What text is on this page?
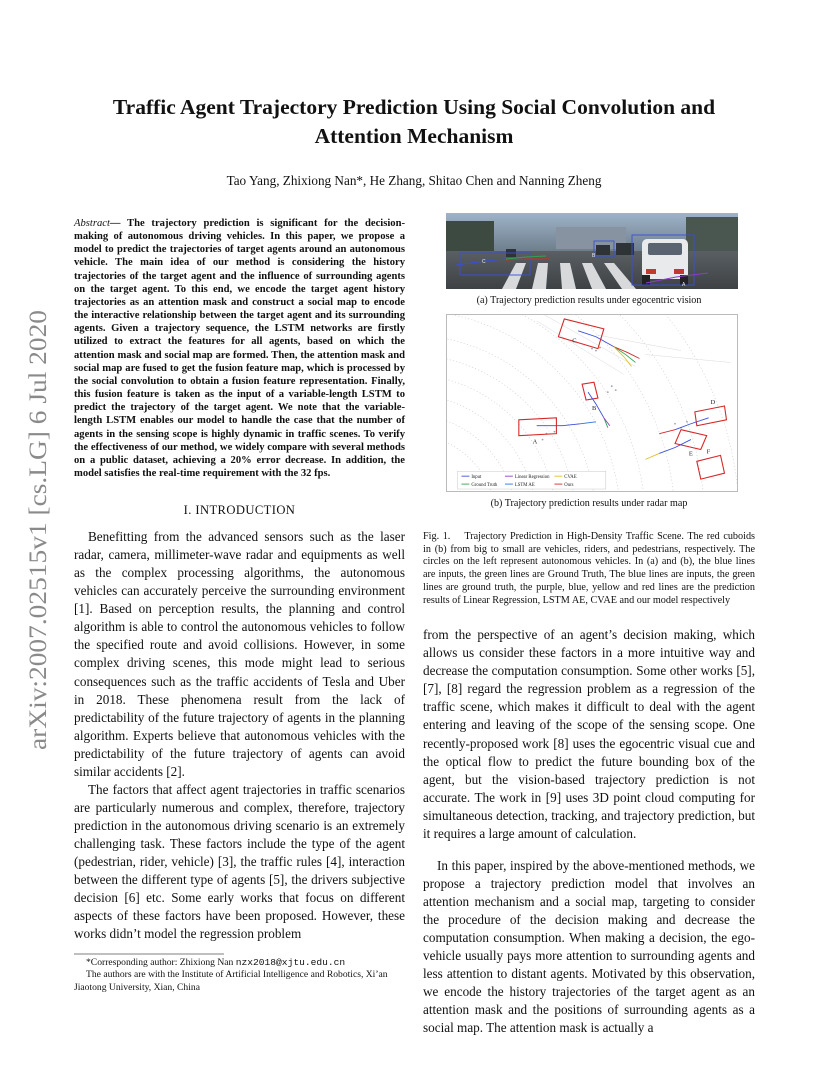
arXiv:2007.02515v1 [cs.LG] 6 Jul 2020
Traffic Agent Trajectory Prediction Using Social Convolution and Attention Mechanism
Tao Yang, Zhixiong Nan*, He Zhang, Shitao Chen and Nanning Zheng

Abstract— The trajectory prediction is significant for the decision-making of autonomous driving vehicles. In this paper, we propose a model to predict the trajectories of target agents around an autonomous vehicle. The main idea of our method is considering the history trajectories of the target agent and the influence of surrounding agents on the target agent. To this end, we encode the target agent history trajectories as an attention mask and construct a social map to encode the interactive relationship between the target agent and its surrounding agents. Given a trajectory sequence, the LSTM networks are firstly utilized to extract the features for all agents, based on which the attention mask and social map are formed. Then, the attention mask and social map are fused to get the fusion feature map, which is processed by the social convolution to obtain a fusion feature representation. Finally, this fusion feature is taken as the input of a variable-length LSTM to predict the trajectory of the target agent. We note that the variable-length LSTM enables our model to handle the case that the number of agents in the sensing scope is highly dynamic in traffic scenes. To verify the effectiveness of our method, we widely compare with several methods on a public dataset, achieving a 20% error decrease. In addition, the model satisfies the real-time requirement with the 32 fps.

I. INTRODUCTION

Benefitting from the advanced sensors such as the laser radar, camera, millimeter-wave radar and equipments as well as the complex processing algorithms, the autonomous vehicles can accurately perceive the surrounding environment [1]. Based on perception results, the planning and control algorithm is able to control the autonomous vehicles to follow the specified route and avoid collisions. However, in some complex driving scenes, this mode might lead to serious consequences such as the traffic accidents of Tesla and Uber in 2018. These phenomena result from the lack of predictability of the future trajectory of agents in the planning algorithm. Experts believe that autonomous vehicles with the predictability of the future trajectory of agents can avoid similar accidents [2].

The factors that affect agent trajectories in traffic scenarios are particularly numerous and complex, therefore, trajectory prediction in the autonomous driving scenario is an extremely challenging task. These factors include the type of the agent (pedestrian, rider, vehicle) [3], the traffic rules [4], interaction between the different type of agents [5], the drivers subjective decision [6] etc. Some early works that focus on different aspects of these factors have been proposed. However, these works didn’t model the regression problem

*Corresponding author: Zhixiong Nan nzx2018@xjtu.edu.cn

The authors are with the Institute of Artificial Intelligence and Robotics, Xi’an Jiaotong University, Xian, China

A
B
C

(a) Trajectory prediction results under egocentric vision

A
B
C
D
E F
Input
Ground Truth
Linear Regression
LSTM AE
CVAE
Ours

(b) Trajectory prediction results under radar map

Fig. 1. Trajectory Prediction in High-Density Traffic Scene. The red cuboids in (b) from big to small are vehicles, riders, and pedestrians, respectively. The circles on the left represent autonomous vehicles. In (a) and (b), the blue lines are inputs, the green lines are Ground Truth, The blue lines are inputs, the green lines are ground truth, the purple, blue, yellow and red lines are the prediction results of Linear Regression, LSTM AE, CVAE and our model respectively

from the perspective of an agent’s decision making, which allows us consider these factors in a more intuitive way and decrease the computation consumption. Some other works [5], [7], [8] regard the regression problem as a regression of the traffic scene, which makes it difficult to deal with the agent entering and leaving of the scope of the sensing scope. One recently-proposed work [8] uses the egocentric visual cue and the optical flow to predict the future bounding box of the agent, but the vision-based trajectory prediction is not accurate. The work in [9] uses 3D point cloud computing for simultaneous detection, tracking, and trajectory prediction, but it requires a large amount of calculation.

In this paper, inspired by the above-mentioned methods, we propose a trajectory prediction model that involves an attention mechanism and a social map, targeting to consider the procedure of the decision making and decrease the computation consumption. When making a decision, the ego-vehicle usually pays more attention to surrounding agents and less attention to distant agents. Motivated by this observation, we encode the history trajectories of the target agent as an attention mask and the positions of surrounding agents as a social map. The attention mask is actually a
